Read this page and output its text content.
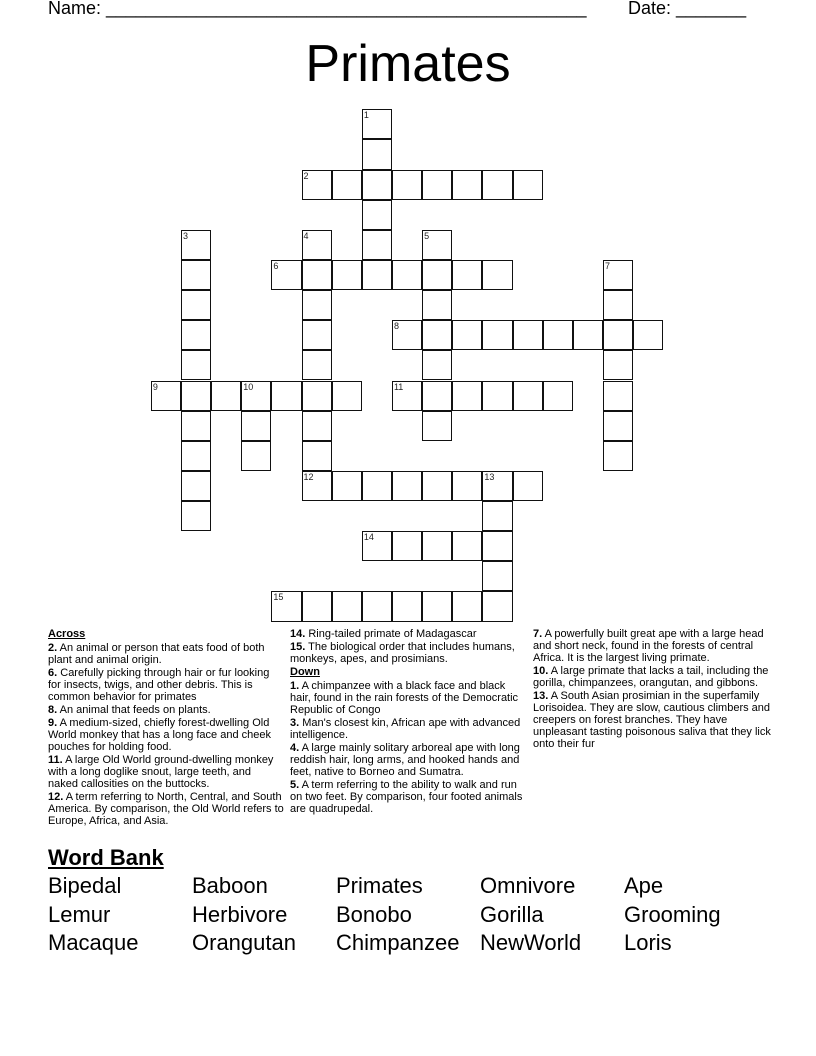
Name: ________________________________________________ Date: _______
Primates
1
2
3	4
12
5
6	7
8
9	10	11
13
14
15
Across
2. An animal or person that eats food of both plant and animal origin.
6. Carefully picking through hair or fur looking for insects, twigs, and other debris. This is common behavior for primates
8. An animal that feeds on plants.
9. A medium-sized, chiefly forest-dwelling Old World monkey that has a long face and cheek pouches for holding food.
11. A large Old World ground-dwelling monkey with a long doglike snout, large teeth, and naked callosities on the buttocks.
12. A term referring to North, Central, and South America. By comparison, the Old World refers to Europe, Africa, and Asia.
14. Ring-tailed primate of Madagascar
15. The biological order that includes humans, monkeys, apes, and prosimians.
Down
1. A chimpanzee with a black face and black hair, found in the rain forests of the Democratic Republic of Congo
3. Man's closest kin, African ape with advanced intelligence.
4. A large mainly solitary arboreal ape with long reddish hair, long arms, and hooked hands and feet, native to Borneo and Sumatra.
5. A term referring to the ability to walk and run on two feet. By comparison, four footed animals are quadrupedal.
7. A powerfully built great ape with a large head and short neck, found in the forests of central Africa. It is the largest living primate.
10. A large primate that lacks a tail, including the gorilla, chimpanzees, orangutan, and gibbons.
13. A South Asian prosimian in the superfamily Lorisoidea. They are slow, cautious climbers and creepers on forest branches. They have unpleasant tasting poisonous saliva that they lick onto their fur
Word Bank
Bipedal	Baboon	Primates	Omnivore Ape
Lemur	Herbivore Bonobo	Gorilla	Grooming
Macaque Orangutan Chimpanzee NewWorld Loris
